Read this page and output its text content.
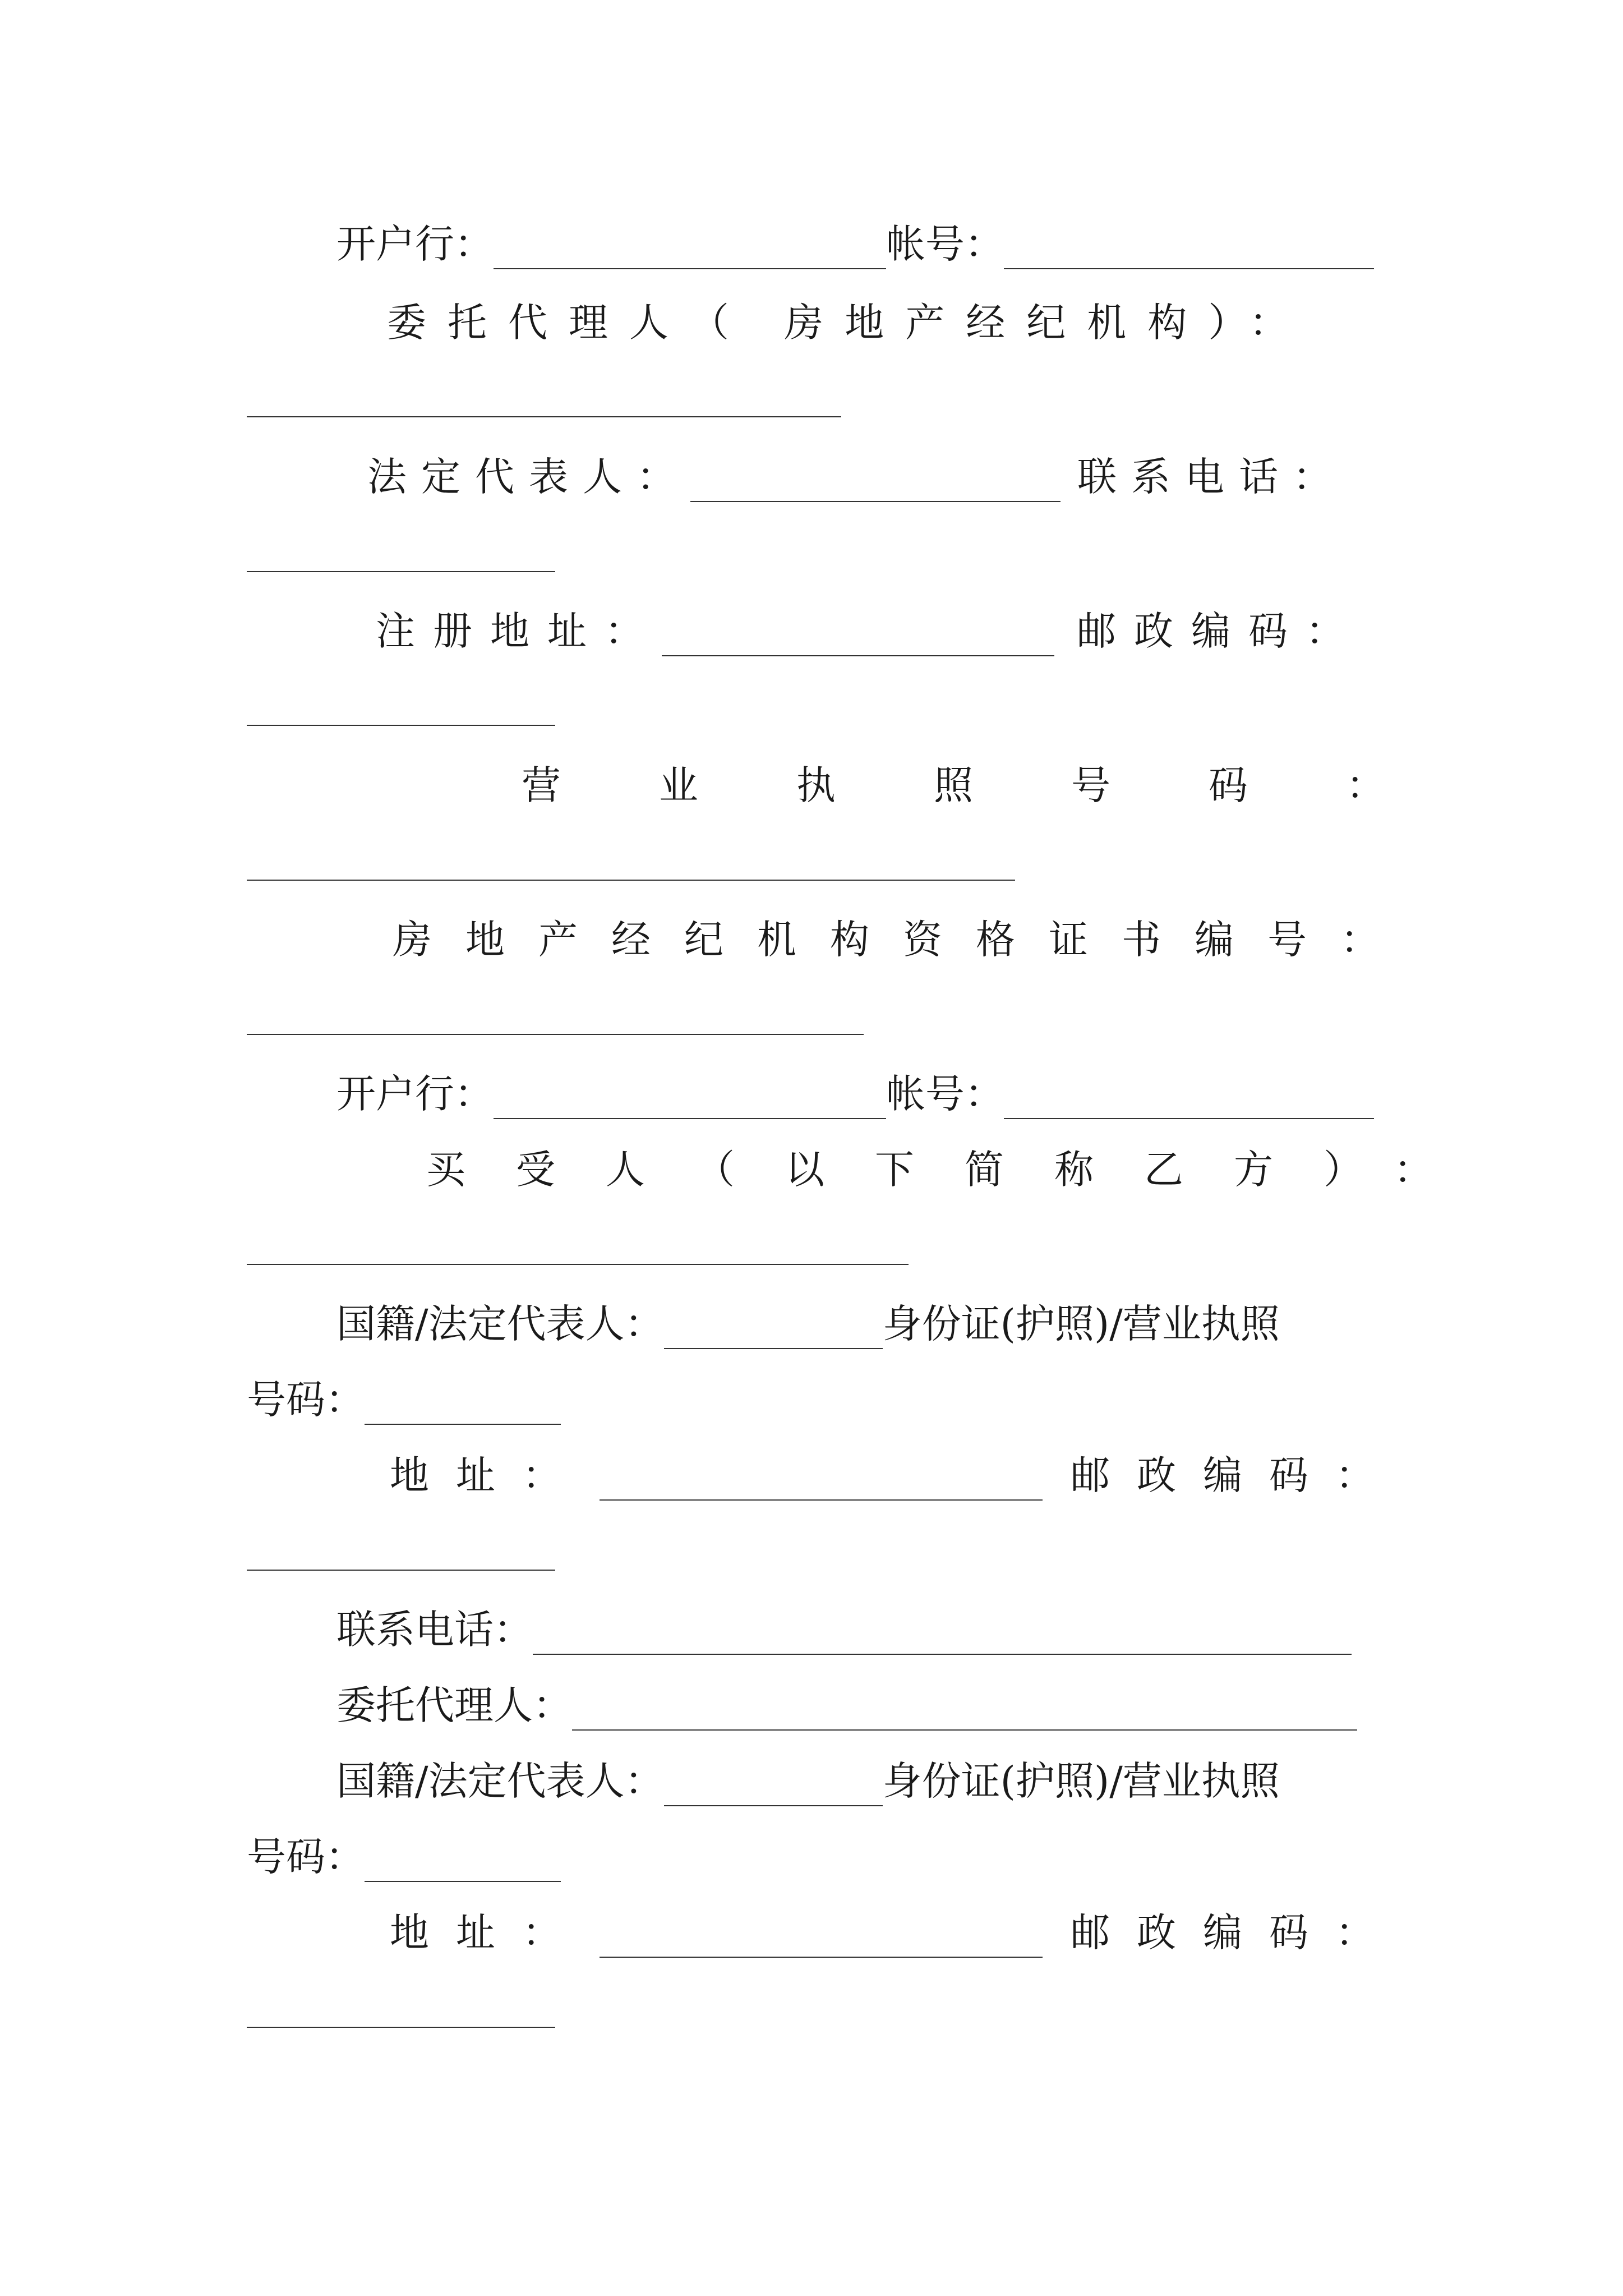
开户行：	帐号：
委托代理人（ 房地产经纪机构）：
法定代表人：	联系电话：
注册地址：	邮政编码：
营业执照号码：
房地产经纪机构资格证书编号：
开户行：	帐号：
买受人（以下简称乙方）：
国籍/法定代表人：	身份证(护照)/营业执照
号码：
地址：	邮政编码：
联系电话：
委托代理人：
国籍/法定代表人：	身份证(护照)/营业执照
号码：
地址：	邮政编码：
